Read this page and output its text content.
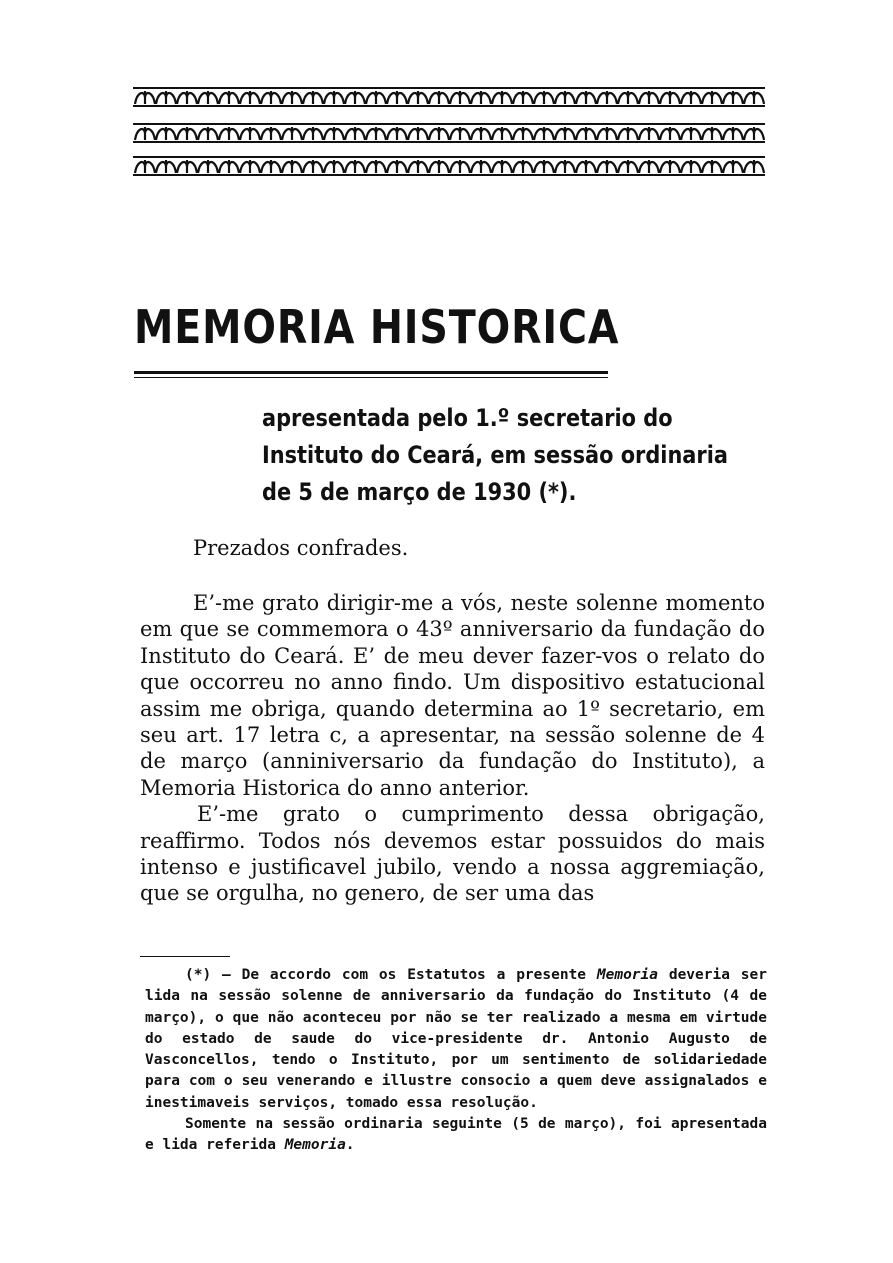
MEMORIA HISTORICA

apresentada pelo 1.º secretario do Instituto do Ceará, em sessão ordinaria de 5 de março de 1930 (*).

Prezados confrades.

E’-me grato dirigir-me a vós, neste solenne momento em que se commemora o 43º anniversario da fundação do Instituto do Ceará. E’ de meu dever fazer-vos o relato do que occorreu no anno findo. Um dispositivo estatucional assim me obriga, quando determina ao 1º secretario, em seu art. 17 letra c, a apresentar, na sessão solenne de 4 de março (anniniversario da fundação do Instituto), a Memoria Historica do anno anterior.

E’-me grato o cumprimento dessa obrigação, reaffirmo. Todos nós devemos estar possuidos do mais intenso e justificavel jubilo, vendo a nossa aggremiação, que se orgulha, no genero, de ser uma das

(*) — De accordo com os Estatutos a presente Memoria deveria ser lida na sessão solenne de anniversario da fundação do Instituto (4 de março), o que não aconteceu por não se ter realizado a mesma em virtude do estado de saude do vice-presidente dr. Antonio Augusto de Vasconcellos, tendo o Instituto, por um sentimento de solidariedade para com o seu venerando e illustre consocio a quem deve assignalados e inestimaveis serviços, tomado essa resolução.

Somente na sessão ordinaria seguinte (5 de março), foi apresentada e lida referida Memoria.
